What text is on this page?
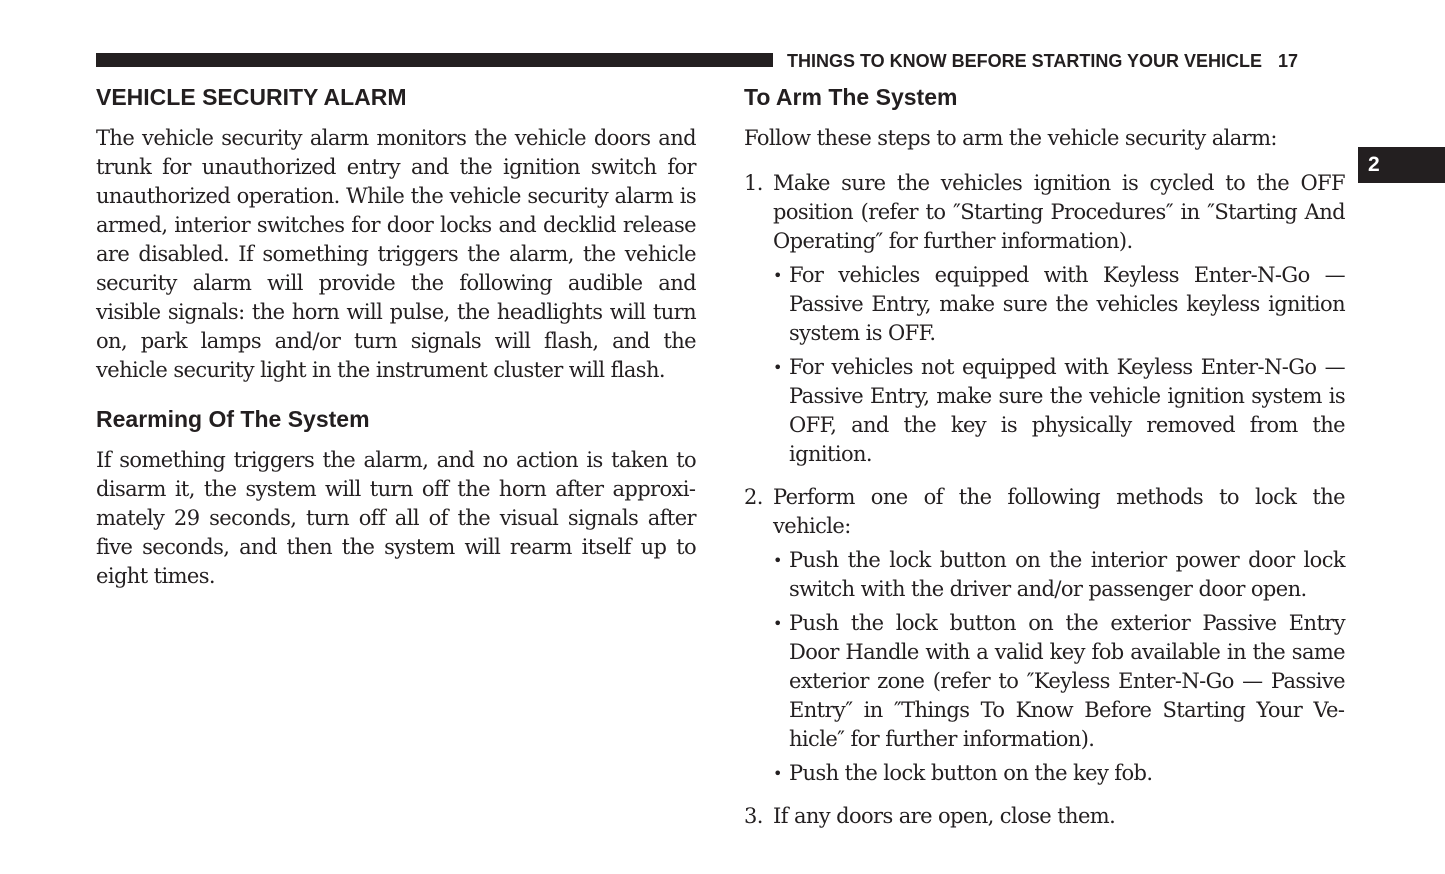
THINGS TO KNOW BEFORE STARTING YOUR VEHICLE 17
2
VEHICLE SECURITY ALARM

The vehicle security alarm monitors the vehicle doors and trunk for unauthorized entry and the ignition switch for unauthorized operation. While the vehicle security alarm is armed, interior switches for door locks and decklid release are disabled. If something triggers the alarm, the vehicle security alarm will provide the following audible and visible signals: the horn will pulse, the headlights will turn on, park lamps and/or turn signals will flash, and the vehicle security light in the instrument cluster will flash.

Rearming Of The System

If something triggers the alarm, and no action is taken to disarm it, the system will turn off the horn after approximately 29 seconds, turn off all of the visual signals after five seconds, and then the system will rearm itself up to eight times.

To Arm The System

Follow these steps to arm the vehicle security alarm:

1. Make sure the vehicles ignition is cycled to the OFF position (refer to ″Starting Procedures″ in ″Starting And Operating″ for further information).
• For vehicles equipped with Keyless Enter-N-Go — Passive Entry, make sure the vehicles keyless ignition system is OFF.
• For vehicles not equipped with Keyless Enter-N-Go — Passive Entry, make sure the vehicle ignition system is OFF, and the key is physically removed from the ignition.
2. Perform one of the following methods to lock the vehicle:
• Push the lock button on the interior power door lock switch with the driver and/or passenger door open.
• Push the lock button on the exterior Passive Entry Door Handle with a valid key fob available in the same exterior zone (refer to ″Keyless Enter-N-Go — Passive Entry″ in ″Things To Know Before Starting Your Vehicle″ for further information).
• Push the lock button on the key fob.
3. If any doors are open, close them.
